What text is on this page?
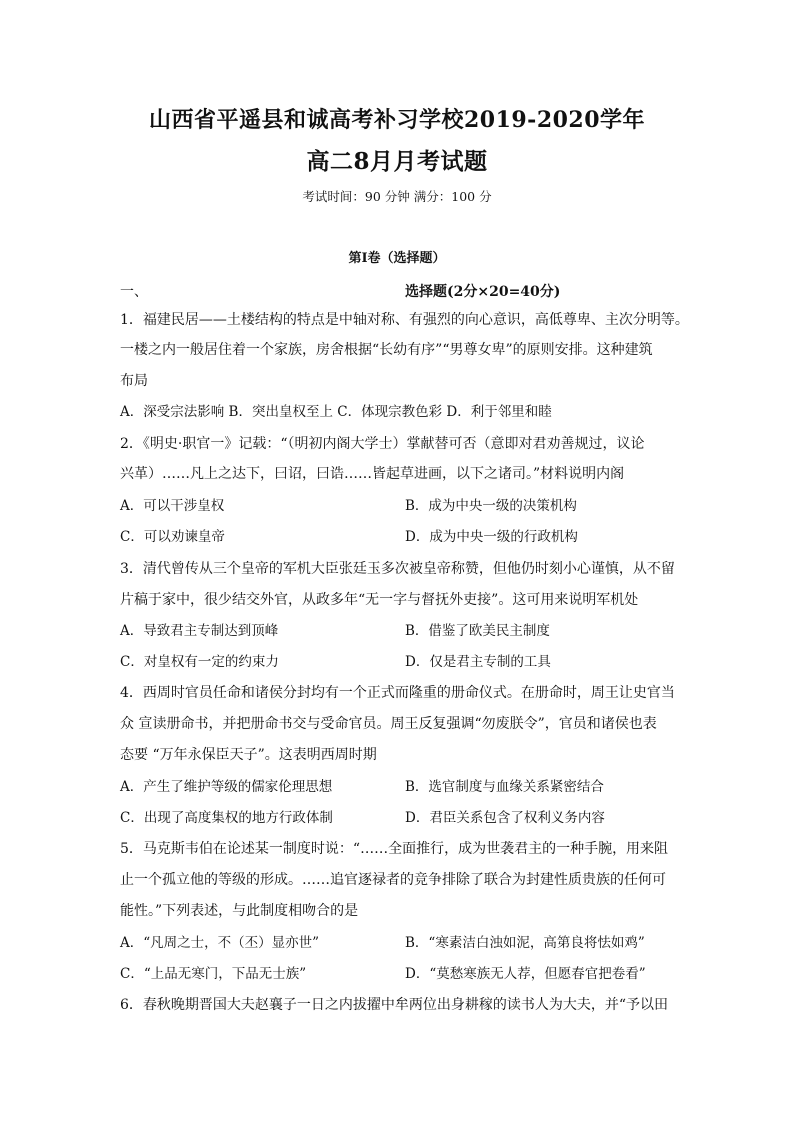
山西省平遥县和诚高考补习学校2019-2020学年
高二8月月考试题
考试时间：90 分钟 满分：100 分
第Ⅰ卷（选择题）
一、	选择题(2分×20=40分)
1．福建民居——土楼结构的特点是中轴对称、有强烈的向心意识，高低尊卑、主次分明等。
一楼之内一般居住着一个家族，房舍根据“长幼有序”“男尊女卑”的原则安排。这种建筑
布局
A．深受宗法影响 B．突出皇权至上 C．体现宗教色彩 D．利于邻里和睦
2．《明史·职官一》记载：“（明初内阁大学士）掌献替可否（意即对君劝善规过，议论
兴革）……凡上之达下，曰诏，曰诰……皆起草进画，以下之诸司。”材料说明内阁
A．可以干涉皇权	B．成为中央一级的决策机构
C．可以劝谏皇帝	D．成为中央一级的行政机构
3．清代曾传从三个皇帝的军机大臣张廷玉多次被皇帝称赞，但他仍时刻小心谨慎，从不留
片稿于家中，很少结交外官，从政多年“无一字与督抚外吏接”。这可用来说明军机处
A．导致君主专制达到顶峰	B．借鉴了欧美民主制度
C．对皇权有一定的约束力	D．仅是君主专制的工具
4．西周时官员任命和诸侯分封均有一个正式而隆重的册命仪式。在册命时，周王让史官当
众 宣读册命书，并把册命书交与受命官员。周王反复强调“勿废朕令”，官员和诸侯也表
态要 “万年永保臣天子”。这表明西周时期
A．产生了维护等级的儒家伦理思想	B．选官制度与血缘关系紧密结合
C．出现了高度集权的地方行政体制	D．君臣关系包含了权利义务内容
5．马克斯韦伯在论述某一制度时说：“……全面推行，成为世袭君主的一种手腕，用来阻
止一个孤立他的等级的形成。……追官逐禄者的竞争排除了联合为封建性质贵族的任何可
能性。”下列表述，与此制度相吻合的是
A．“凡周之士，不（丕）显亦世”	B．“寒素洁白浊如泥，高第良将怯如鸡”
C．“上品无寒门，下品无士族”	D．“莫愁寒族无人荐，但愿春官把卷看”
6．春秋晚期晋国大夫赵襄子一日之内拔擢中牟两位出身耕稼的读书人为大夫，并“予以田
